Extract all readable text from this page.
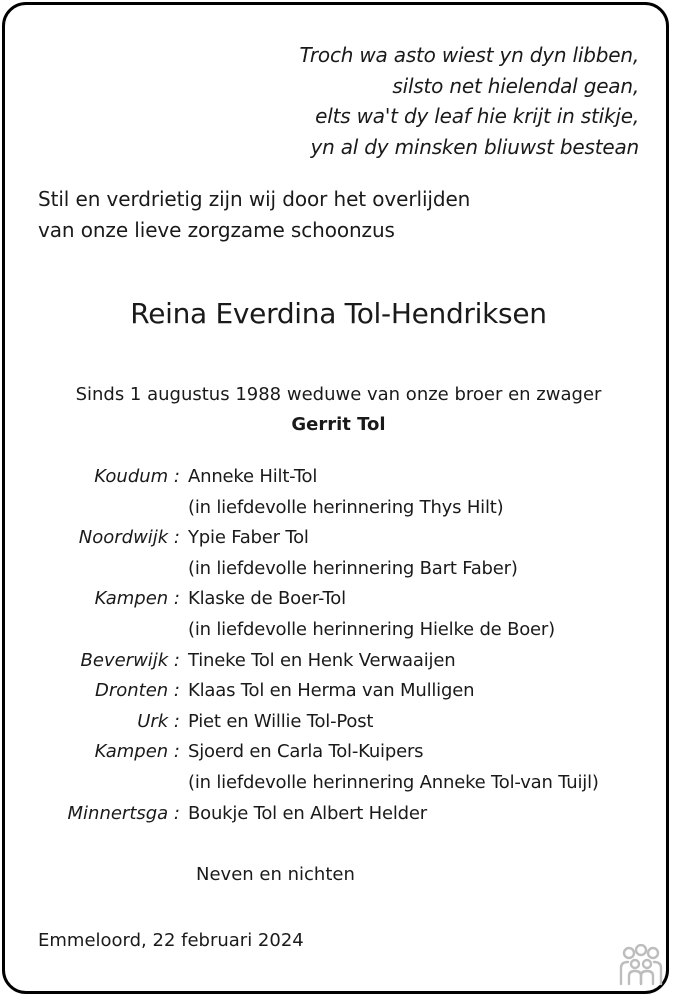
Troch wa asto wiest yn dyn libben,
silsto net hielendal gean,
elts wa't dy leaf hie krijt in stikje,
yn al dy minsken bliuwst bestean
Stil en verdrietig zijn wij door het overlijden
van onze lieve zorgzame schoonzus
Reina Everdina Tol-Hendriksen
Sinds 1 augustus 1988 weduwe van onze broer en zwager
Gerrit Tol
Koudum : Anneke Hilt-Tol
(in liefdevolle herinnering Thys Hilt)
Noordwijk : Ypie Faber Tol
(in liefdevolle herinnering Bart Faber)
Kampen : Klaske de Boer-Tol
(in liefdevolle herinnering Hielke de Boer)
Beverwijk : Tineke Tol en Henk Verwaaijen
Dronten : Klaas Tol en Herma van Mulligen
Urk : Piet en Willie Tol-Post
Kampen : Sjoerd en Carla Tol-Kuipers
(in liefdevolle herinnering Anneke Tol-van Tuijl)
Minnertsga : Boukje Tol en Albert Helder
Neven en nichten
Emmeloord, 22 februari 2024
